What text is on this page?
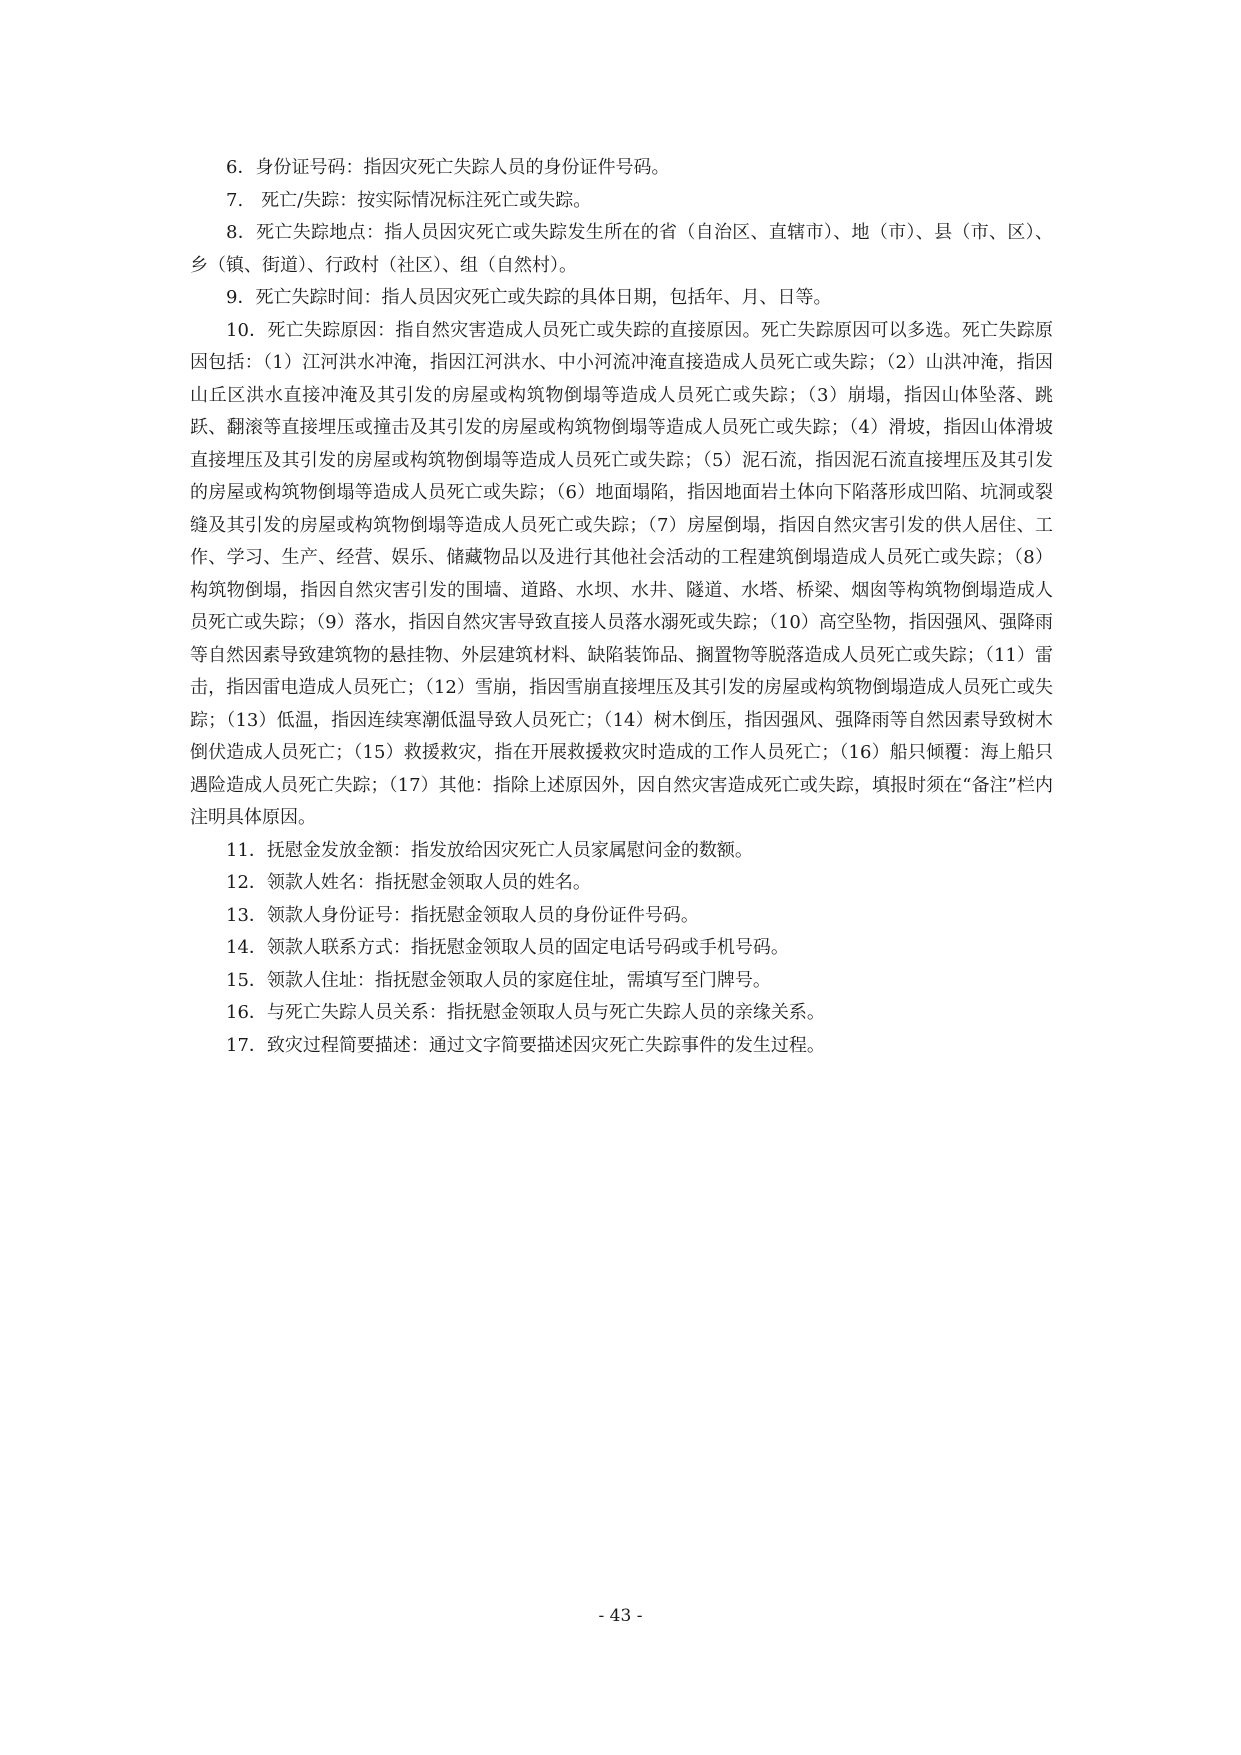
6．身份证号码：指因灾死亡失踪人员的身份证件号码。

7.　死亡/失踪：按实际情况标注死亡或失踪。

8．死亡失踪地点：指人员因灾死亡或失踪发生所在的省（自治区、直辖市）、地（市）、县（市、区）、乡（镇、街道）、行政村（社区）、组（自然村）。

9．死亡失踪时间：指人员因灾死亡或失踪的具体日期，包括年、月、日等。

10．死亡失踪原因：指自然灾害造成人员死亡或失踪的直接原因。死亡失踪原因可以多选。死亡失踪原因包括：（1）江河洪水冲淹，指因江河洪水、中小河流冲淹直接造成人员死亡或失踪；（2）山洪冲淹，指因山丘区洪水直接冲淹及其引发的房屋或构筑物倒塌等造成人员死亡或失踪；（3）崩塌，指因山体坠落、跳跃、翻滚等直接埋压或撞击及其引发的房屋或构筑物倒塌等造成人员死亡或失踪；（4）滑坡，指因山体滑坡直接埋压及其引发的房屋或构筑物倒塌等造成人员死亡或失踪；（5）泥石流，指因泥石流直接埋压及其引发的房屋或构筑物倒塌等造成人员死亡或失踪；（6）地面塌陷，指因地面岩土体向下陷落形成凹陷、坑洞或裂缝及其引发的房屋或构筑物倒塌等造成人员死亡或失踪；（7）房屋倒塌，指因自然灾害引发的供人居住、工作、学习、生产、经营、娱乐、储藏物品以及进行其他社会活动的工程建筑倒塌造成人员死亡或失踪；（8）构筑物倒塌，指因自然灾害引发的围墙、道路、水坝、水井、隧道、水塔、桥梁、烟囱等构筑物倒塌造成人员死亡或失踪；（9）落水，指因自然灾害导致直接人员落水溺死或失踪；（10）高空坠物，指因强风、强降雨等自然因素导致建筑物的悬挂物、外层建筑材料、缺陷装饰品、搁置物等脱落造成人员死亡或失踪；（11）雷击，指因雷电造成人员死亡；（12）雪崩，指因雪崩直接埋压及其引发的房屋或构筑物倒塌造成人员死亡或失踪；（13）低温，指因连续寒潮低温导致人员死亡；（14）树木倒压，指因强风、强降雨等自然因素导致树木倒伏造成人员死亡；（15）救援救灾，指在开展救援救灾时造成的工作人员死亡；（16）船只倾覆：海上船只遇险造成人员死亡失踪；（17）其他：指除上述原因外，因自然灾害造成死亡或失踪，填报时须在“备注”栏内注明具体原因。

11．抚慰金发放金额：指发放给因灾死亡人员家属慰问金的数额。

12．领款人姓名：指抚慰金领取人员的姓名。

13．领款人身份证号：指抚慰金领取人员的身份证件号码。

14．领款人联系方式：指抚慰金领取人员的固定电话号码或手机号码。

15．领款人住址：指抚慰金领取人员的家庭住址，需填写至门牌号。

16．与死亡失踪人员关系：指抚慰金领取人员与死亡失踪人员的亲缘关系。

17．致灾过程简要描述：通过文字简要描述因灾死亡失踪事件的发生过程。

- 43 -
